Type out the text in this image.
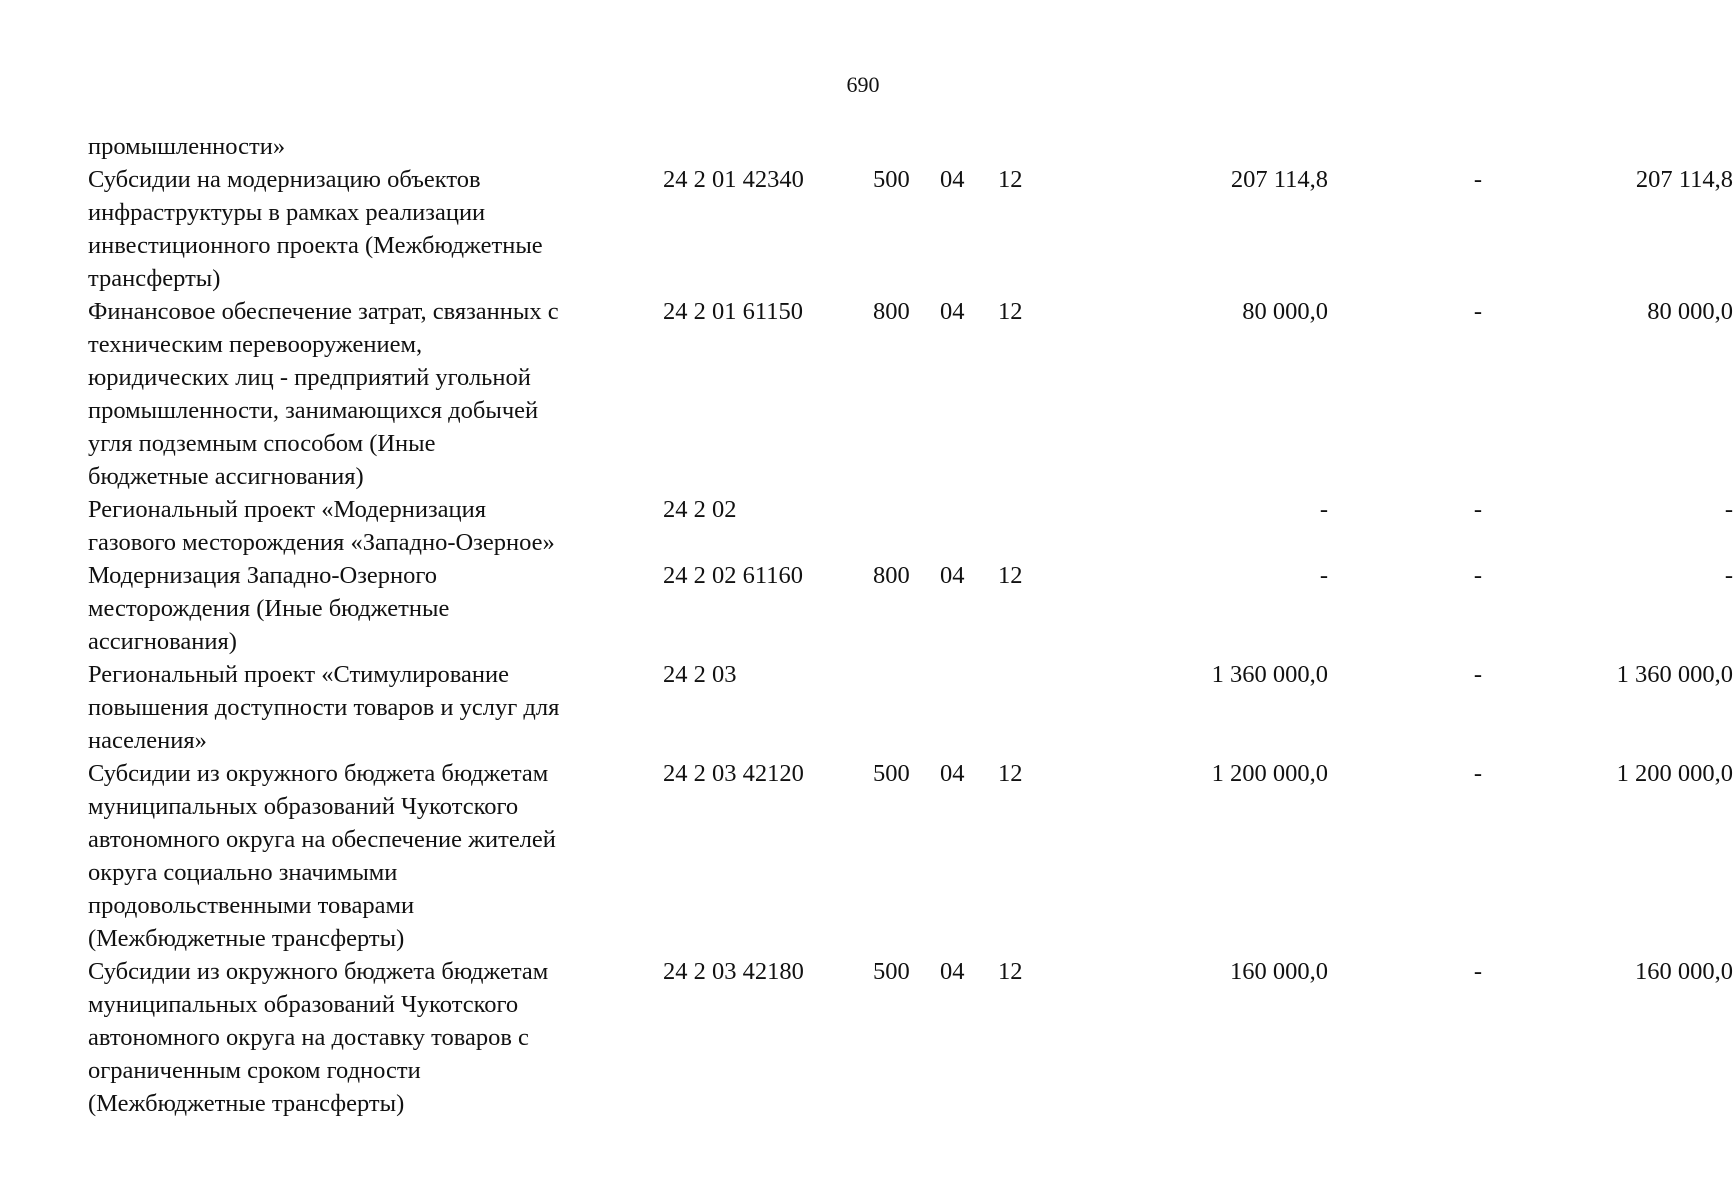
690
промышленности»
Субсидии на модернизацию объектов
инфраструктуры в рамках реализации
инвестиционного проекта (Межбюджетные
трансферты)
24 2 01 42340	500 04 12	207 114,8	-	207 114,8
Финансовое обеспечение затрат, связанных с
техническим перевооружением,
юридических лиц - предприятий угольной
промышленности, занимающихся добычей
угля подземным способом (Иные
бюджетные ассигнования)
24 2 01 61150	800 04 12	80 000,0	-	80 000,0
Региональный проект «Модернизация
газового месторождения «Западно-Озерное»
24 2 02	-	-	-
Модернизация Западно-Озерного
месторождения (Иные бюджетные
ассигнования)
24 2 02 61160	800 04 12	-	-	-
Региональный проект «Стимулирование
повышения доступности товаров и услуг для
населения»
24 2 03	1 360 000,0	-	1 360 000,0
Субсидии из окружного бюджета бюджетам
муниципальных образований Чукотского
автономного округа на обеспечение жителей
округа социально значимыми
продовольственными товарами
(Межбюджетные трансферты)
24 2 03 42120	500 04 12	1 200 000,0	-	1 200 000,0
Субсидии из окружного бюджета бюджетам
муниципальных образований Чукотского
автономного округа на доставку товаров с
ограниченным сроком годности
(Межбюджетные трансферты)
24 2 03 42180	500 04 12	160 000,0	-	160 000,0
